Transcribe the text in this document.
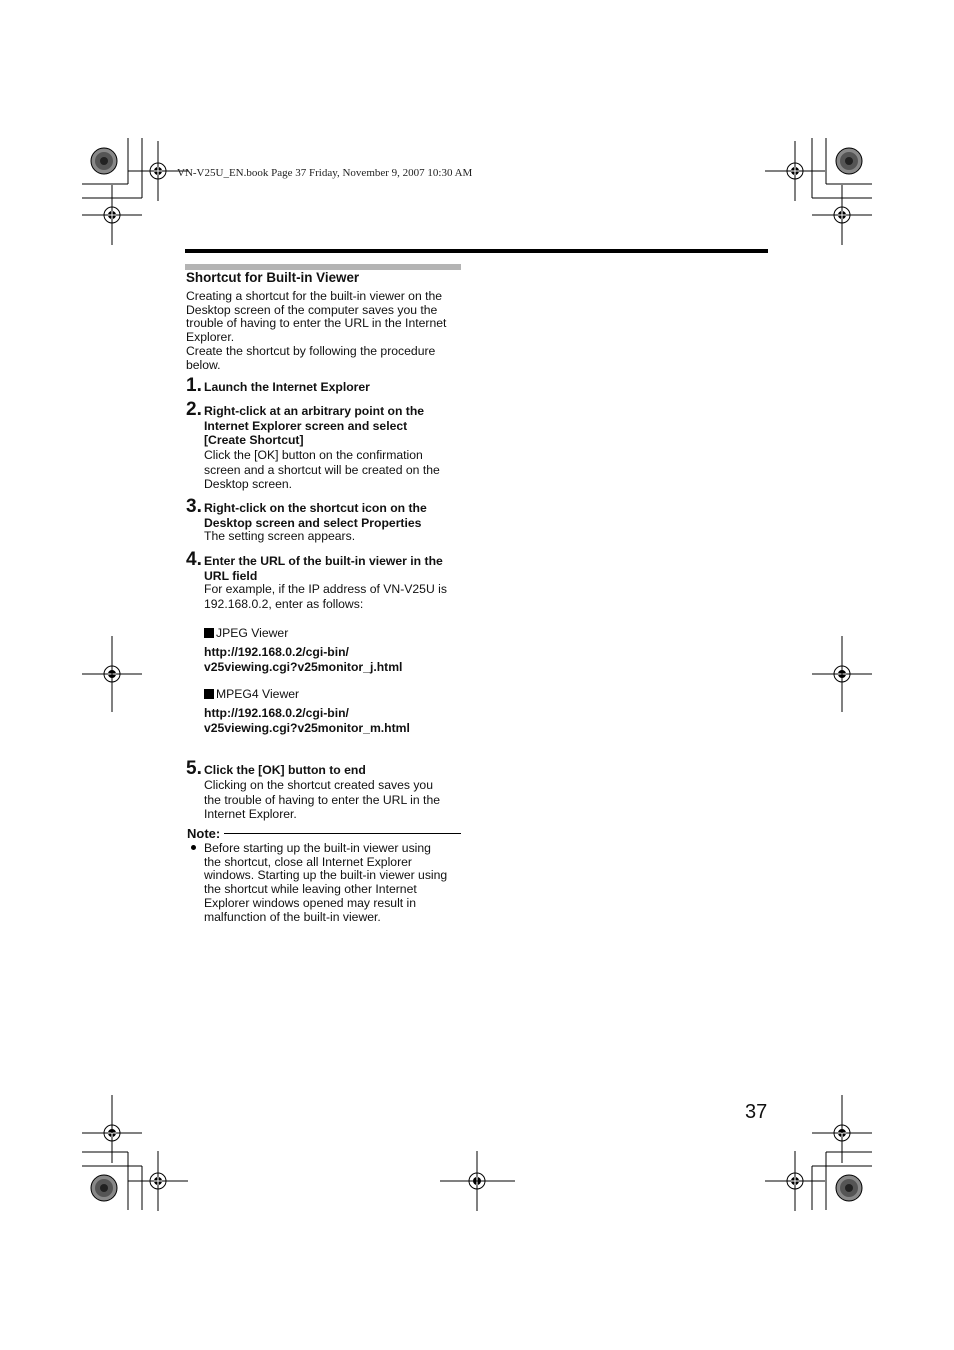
VN-V25U_EN.book Page 37 Friday, November 9, 2007 10:30 AM
Shortcut for Built-in Viewer
Creating a shortcut for the built-in viewer on the
Desktop screen of the computer saves you the
trouble of having to enter the URL in the Internet
Explorer.
Create the shortcut by following the procedure
below.
1. Launch the Internet Explorer
2. Right-click at an arbitrary point on the
Internet Explorer screen and select
[Create Shortcut]
Click the [OK] button on the confirmation
screen and a shortcut will be created on the
Desktop screen.
3. Right-click on the shortcut icon on the
Desktop screen and select Properties
The setting screen appears.
4. Enter the URL of the built-in viewer in the
URL field
For example, if the IP address of VN-V25U is
192.168.0.2, enter as follows:
JPEG Viewer
http://192.168.0.2/cgi-bin/
v25viewing.cgi?v25monitor_j.html
MPEG4 Viewer
http://192.168.0.2/cgi-bin/
v25viewing.cgi?v25monitor_m.html
5. Click the [OK] button to end
Clicking on the shortcut created saves you
the trouble of having to enter the URL in the
Internet Explorer.
Note:
Before starting up the built-in viewer using
the shortcut, close all Internet Explorer
windows. Starting up the built-in viewer using
the shortcut while leaving other Internet
Explorer windows opened may result in
malfunction of the built-in viewer.
37
